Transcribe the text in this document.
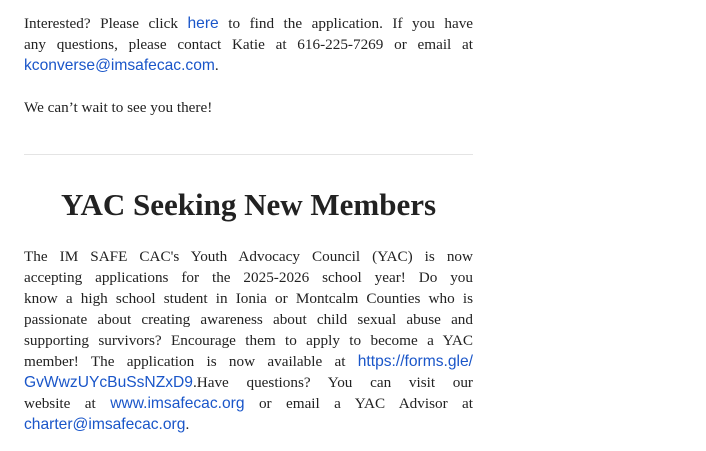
Interested? Please click here to find the application. If you have
any questions, please contact Katie at 616-225-7269 or email at
kconverse@imsafecac.com.

We can’t wait to see you there!

YAC Seeking New Members

The IM SAFE CAC's Youth Advocacy Council (YAC) is now
accepting applications for the 2025-2026 school year! Do you
know a high school student in Ionia or Montcalm Counties who is
passionate about creating awareness about child sexual abuse and
supporting survivors? Encourage them to apply to become a YAC
member! The application is now available at https://forms.gle/
GvWwzUYcBuSsNZxD9.Have questions? You can visit our
website at www.imsafecac.org or email a YAC Advisor at
charter@imsafecac.org.
